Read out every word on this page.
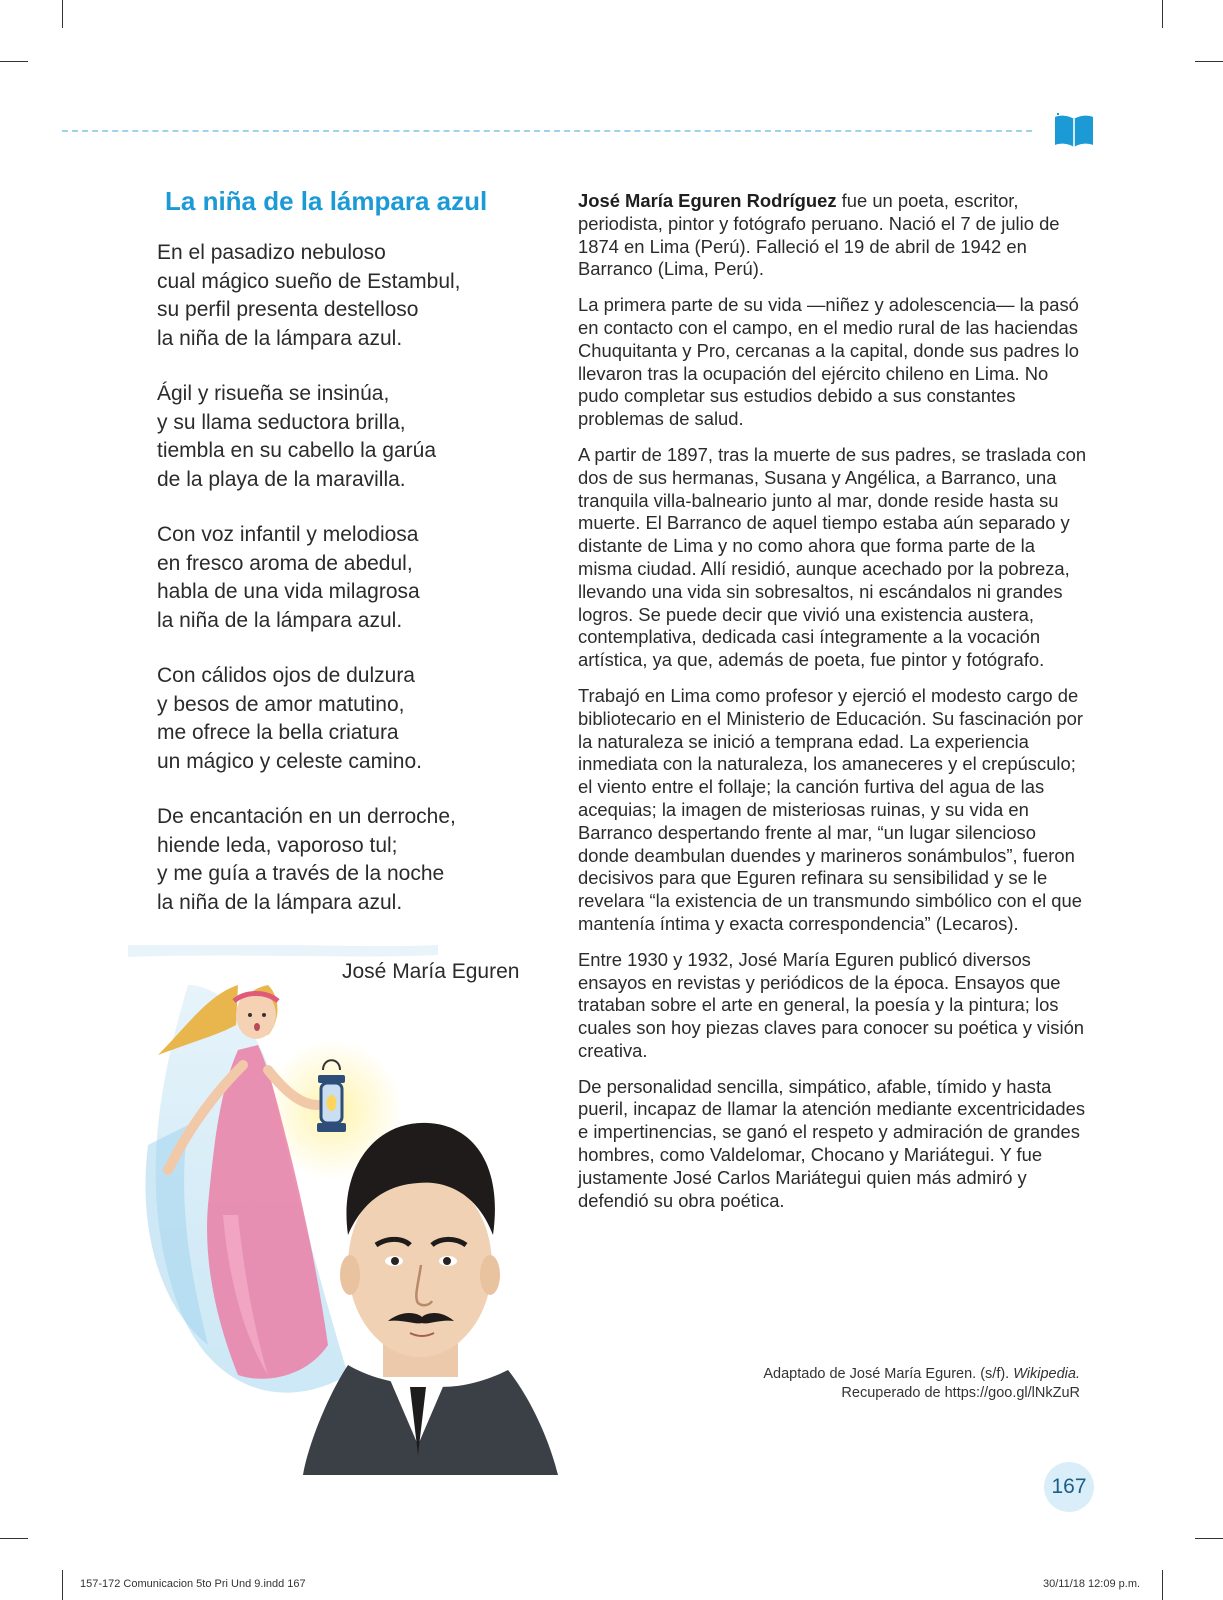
La niña de la lámpara azul
En el pasadizo nebuloso
cual mágico sueño de Estambul,
su perfil presenta destelloso
la niña de la lámpara azul.
Ágil y risueña se insinúa,
y su llama seductora brilla,
tiembla en su cabello la garúa
de la playa de la maravilla.
Con voz infantil y melodiosa
en fresco aroma de abedul,
habla de una vida milagrosa
la niña de la lámpara azul.
Con cálidos ojos de dulzura
y besos de amor matutino,
me ofrece la bella criatura
un mágico y celeste camino.
De encantación en un derroche,
hiende leda, vaporoso tul;
y me guía a través de la noche
la niña de la lámpara azul.
José María Eguren

José María Eguren Rodríguez fue un poeta, escritor, periodista, pintor y fotógrafo peruano. Nació el 7 de julio de 1874 en Lima (Perú). Falleció el 19 de abril de 1942 en Barranco (Lima, Perú).

La primera parte de su vida —niñez y adolescencia— la pasó en contacto con el campo, en el medio rural de las haciendas Chuquitanta y Pro, cercanas a la capital, donde sus padres lo llevaron tras la ocupación del ejército chileno en Lima. No pudo completar sus estudios debido a sus constantes problemas de salud.

A partir de 1897, tras la muerte de sus padres, se traslada con dos de sus hermanas, Susana y Angélica, a Barranco, una tranquila villa-balneario junto al mar, donde reside hasta su muerte. El Barranco de aquel tiempo estaba aún separado y distante de Lima y no como ahora que forma parte de la misma ciudad. Allí residió, aunque acechado por la pobreza, llevando una vida sin sobresaltos, ni escándalos ni grandes logros. Se puede decir que vivió una existencia austera, contemplativa, dedicada casi íntegramente a la vocación artística, ya que, además de poeta, fue pintor y fotógrafo.

Trabajó en Lima como profesor y ejerció el modesto cargo de bibliotecario en el Ministerio de Educación. Su fascinación por la naturaleza se inició a temprana edad. La experiencia inmediata con la naturaleza, los amaneceres y el crepúsculo; el viento entre el follaje; la canción furtiva del agua de las acequias; la imagen de misteriosas ruinas, y su vida en Barranco despertando frente al mar, “un lugar silencioso donde deambulan duendes y marineros sonámbulos”, fueron decisivos para que Eguren refinara su sensibilidad y se le revelara “la existencia de un transmundo simbólico con el que mantenía íntima y exacta correspondencia” (Lecaros).

Entre 1930 y 1932, José María Eguren publicó diversos ensayos en revistas y periódicos de la época. Ensayos que trataban sobre el arte en general, la poesía y la pintura; los cuales son hoy piezas claves para conocer su poética y visión creativa.

De personalidad sencilla, simpático, afable, tímido y hasta pueril, incapaz de llamar la atención mediante excentricidades e impertinencias, se ganó el respeto y admiración de grandes hombres, como Valdelomar, Chocano y Mariátegui. Y fue justamente José Carlos Mariátegui quien más admiró y defendió su obra poética.

Adaptado de José María Eguren. (s/f). Wikipedia.
Recuperado de https://goo.gl/lNkZuR
167
157-172 Comunicacion 5to Pri Und 9.indd 167	30/11/18 12:09 p.m.
